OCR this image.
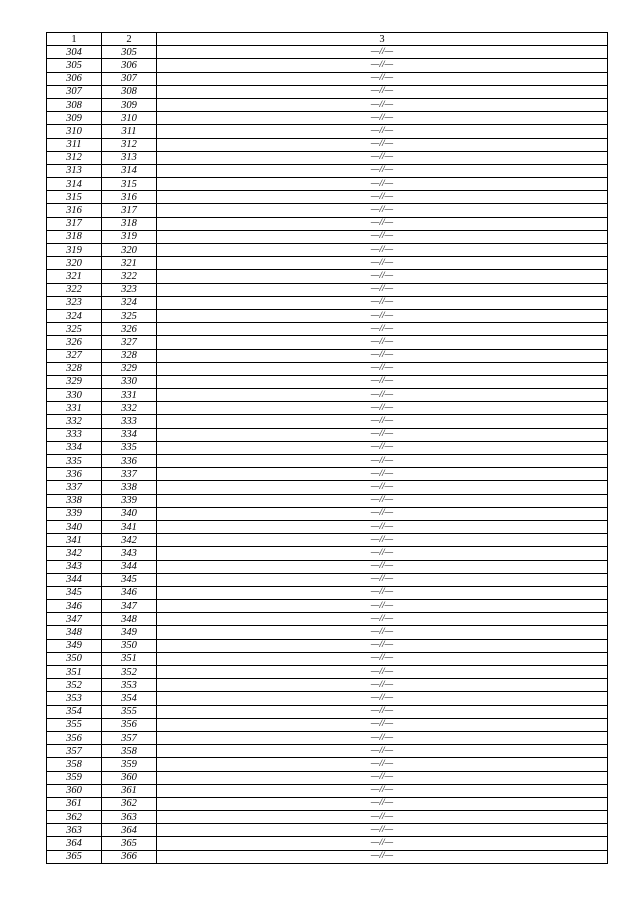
1	2	3
304	305	—//—
305	306	—//—
306	307	—//—
307	308	—//—
308	309	—//—
309	310	—//—
310	311	—//—
311	312	—//—
312	313	—//—
313	314	—//—
314	315	—//—
315	316	—//—
316	317	—//—
317	318	—//—
318	319	—//—
319	320	—//—
320	321	—//—
321	322	—//—
322	323	—//—
323	324	—//—
324	325	—//—
325	326	—//—
326	327	—//—
327	328	—//—
328	329	—//—
329	330	—//—
330	331	—//—
331	332	—//—
332	333	—//—
333	334	—//—
334	335	—//—
335	336	—//—
336	337	—//—
337	338	—//—
338	339	—//—
339	340	—//—
340	341	—//—
341	342	—//—
342	343	—//—
343	344	—//—
344	345	—//—
345	346	—//—
346	347	—//—
347	348	—//—
348	349	—//—
349	350	—//—
350	351	—//—
351	352	—//—
352	353	—//—
353	354	—//—
354	355	—//—
355	356	—//—
356	357	—//—
357	358	—//—
358	359	—//—
359	360	—//—
360	361	—//—
361	362	—//—
362	363	—//—
363	364	—//—
364	365	—//—
365	366	—//—
